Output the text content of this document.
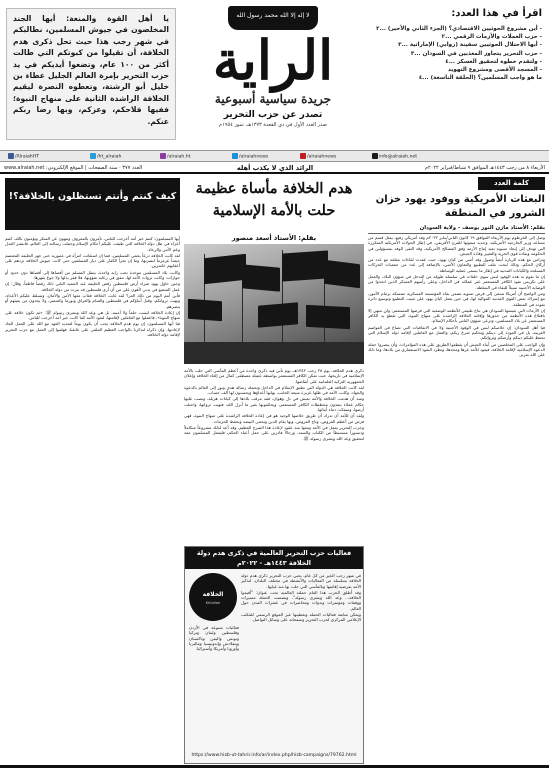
يا أهل القوة والمنعة: أيها الجند المخلصون في جيوش المسلمين، نطالبكم في شهر رجب هذا حيث تحل ذكرى هدم الخلافة، أن تقيلوا من كبوتكم التي طالت أكثر من ١٠٠ عام، وتضعوا أيديكم في يد حزب التحرير بإمرة العالم الجليل عطاء بن خليل أبو الرشتة، وتعطوه النصرة ليقيم الخلافة الراشدة الثانية على منهاج النبوة؛ ففيها فلاحكم، وعزكم، وبها رضا ربكم عنكم.
لا إله إلا الله محمد رسول الله
الراية
جريدة سياسية أسبوعية
تصدر عن حزب التحرير
صدر العدد الأول في ذي القعدة ١٣٧٣هـ، تموز ١٩٥٤م
اقرأ في هذا العدد:
- أين مشروع الحوثيين الاقتصادي؟ (الجزء الثاني والأخير) ...٢
- حزب العملات والأزمات الرقمي ...٢
- أيها الاحتلال الحوثيين سفينة (روابي) الإماراتية ...٣
- حزب التحرير يتجاوز المعذبين في السودان ...٣
- ولتقدم خطوة لتحقيق العسكر ...٤
- المسجد الأقصى ومشروع التهويد
ما هو واجب المسلمين؟ (الحلقة الناسعة) ...٤
info@alraiah.net
/alraiahnews
/alraiahnews
/alraiah.ht
/ht_alraiah
/AlraiahHT
الأربعاء ٨ من رجب ١٤٤٣هـ الموافق ٩ شباط/فبراير ٢٠٢٢م
الرائد الذي لا يكذب أهله
العدد ٣٧٧ · ستة الصفحات | الموقع الإلكتروني: www.alraiah.net
كلمة العدد
البعثات الأمريكية ووفود يهود خزان الشرور في المنطقة
بقلم: الأستاذ مازن النور يوسف - ولاية السودان

وصل إلى الخرطوم يوم الأربعاء الموافق ١٩ كانون الثاني/يناير ٢٠٢٢م وفد أمريكي رفيع، يمثل قسم من مساعد وزير الخارجية الأمريكية، وجديد مبعوثها للقرن الأفريقي، في إطار الجولات الأمريكية المتكررة التي تهدف إلى إيجاد تسوية تعيد إنتاج الأزمة وفق المصالح الأمريكية، وقد التقى الوفد بمسؤولين في الحكومة وبقادة قوى الحرية والتغيير وقادة الجيش.

وتزامن مع هذه الزيارة أيضاً وصول وفد أمني من كيان يهود، حيث عقدت لقاءات مغلقة مع عدد من أركان الحكم، وذلك لبحث ملف التطبيع والتعاون الأمني، بالإضافة إلى عدد من جمعيات الحركات المسلحة والكيانات المدنية في إطار ما يسمى عملية الوساطة.

إن ما تقوم به هذه الوفود ليس سوى حلقات في سلسلة طويلة من التدخل في شؤون البلاد، والعمل على تكريس نفوذ الكافر المستعمر عبر عملائه في الداخل، وعلى رأسهم العسكر الذين اتخذوا من الوصاية الأجنبية سبيلاً للبقاء في السلطة.

ومن الواضح أن أمريكا تسعى إلى فرض تسوية تضمن بقاء المؤسسة العسكرية ممسكة بزمام الأمور، مع إشراك بعض القوى المدنية الموالية لها، في حين يعمل كيان يهود على تثبيت التطبيع وتوسيع دائرة نفوذه في المنطقة.

إن الأزمات التي يعيشها السودان هي نتاج طبيعي للأنظمة الوضعية التي فرضها المستعمر، ولن تنتهي إلا باقتلاع هذه الأنظمة من جذورها وإقامة الخلافة الراشدة على منهاج النبوة، التي تقطع يد الكافر المستعمر عن بلاد المسلمين، وترعى شؤون الناس بأحكام الإسلام.

فيا أهل السودان: إن خلاصكم ليس في الوفود الأجنبية ولا في الاتفاقيات التي تصاغ في العواصم الغربية، بل في العودة إلى دينكم وتحكيم شرع ربكم، والعمل مع العاملين لإقامة دولة الإسلام التي تحفظ عليكم دينكم وأرضكم وثرواتكم.

وإن الواجب على المخلصين من أبناء الجيش أن يقطعوا الطريق على هذه المؤامرات، وأن ينصروا حملة الدعوة الإسلامية لإقامة الخلافة، فيعود للأمة عزها ومجدها، وتطرد النفوذ الاستعماري من بلادها، وما ذلك على الله بعزيز.

هدم الخلافة مأساة عظيمة حلت بالأمة الإسلامية
بقلم: الأستاذ أسعد منصور

ذكرى هدم الخلافة، يوم ٢٨ رجب ١٣٤٢هـ، يوم تأتي فيه ذكرى واحدة من أعظم المآسي التي حلت بالأمة الإسلامية في تاريخها، حيث تمكن الكافر المستعمر بواسطة عميله مصطفى كمال من إلغاء الخلافة وإعلان الجمهورية التركية العلمانية على أنقاضها.

لقد كانت الخلافة هي الدولة التي تطبق الإسلام في الداخل وتحمله رسالة هدى ونور إلى العالم بالدعوة والجهاد، وكانت الأمة في ظلها عزيزة منيعة الجانب، يهابها أعداؤها ويحسبون لها ألف حساب.

ومنذ أن هدمت الخلافة والأمة تعيش في ذل وهوان، فقد مزقت بلادها إلى كيانات هزيلة، ونصب عليها حكام عملاء ينفذون مخططات الكافر المستعمر، ويحكمونها بغير ما أنزل الله، فنهبت ثرواتها، واحتلت أرضها، وسفكت دماء أبنائها.

ولقد آن للأمة أن تدرك أن طريق خلاصها الوحيد هو في إعادة الخلافة الراشدة على منهاج النبوة، فهي فرض من أعظم الفروض، وتاج الفروض، وبها يقام الدين وتحمى البيضة وتحفظ الحرمات.

وحزب التحرير يعمل في الأمة ومعها منذ عقود لإعادة هذا الصرح العظيم، وقد أعد لذلك مشروعاً متكاملاً ودستوراً مستنبطاً من الكتاب والسنة، ورجالاً قادرين على حمل أعباء الحكم، فليعمل المسلمون معه لتحقيق وعد الله وبشرى رسوله ﷺ.

كيف كنتم وأنتم تستظلون بالخلافة؟!

أيها المسلمون: كنتم خير أمة أخرجت للناس، تأمرون بالمعروف وتنهون عن المنكر وتؤمنون بالله، كنتم أعزاء في ظل دولة الخلافة التي طبقت عليكم أحكام الإسلام وحملت رسالته إلى العالم، فانتشر العدل وعم الأمن والرخاء.

لقد كانت الخلافة درعاً يحمي المسلمين، فما إن استغاثت امرأة في عمورية حتى جهز الخليفة المعتصم جيشاً عرمرماً لنصرتها، وما إن تجرأ الكفار على ديار المسلمين حتى كانت جيوش الخلافة تردهم على أعقابهم خاسرين.

وكانت بلاد المسلمين موحدة تحت راية واحدة، يتنقل المسلم من أقصاها إلى أقصاها دون حدود أو جوازات، وكانت ثروات الأمة لها، تنفق في رعاية شؤونها، فلا فقر يذلها ولا جوع يقهرها.

وحين حاول يهود شراء أرض فلسطين رفض الخليفة عبد الحميد الثاني ذلك رفضاً قاطعاً، وقال: إن عمل المبضع في بدني لأهون علي من أن أرى فلسطين قد بترت من دولة الخلافة.

فأين أنتم اليوم من ذلك العز؟ لقد غابت الخلافة فغاب معها الأمن والأمان، وتسلط عليكم الأعداء، ونهبت ثرواتكم، وقتل أبناؤكم في فلسطين والشام والعراق وبورما وكشمير، ولا يجدون من يغيثهم أو ينصرهم.

إن إعادة الخلافة ليست حلماً ولا أمنية، بل هي وعد الله وبشرى رسوله ﷺ: «ثم تكون خلافة على منهاج النبوة»، فاعملوا مع العاملين لإقامتها، لتعود الأمة كما كانت خير أمة أخرجت للناس.

فيا أيها المسلمون، إن يوم هدم الخلافة يجب أن يكون يوماً لتجديد العهد مع الله على العمل الجاد لإعادتها، وإن ذكراه لتذكرنا بالواجب العظيم الملقى على عاتقنا، فهلموا إلى العمل مع حزب التحرير لإقامة دولة الخلافة.

فعاليات حزب التحرير العالمية في ذكرى هدم دولة الخلافة ١٤٤٣هـ - ٢٠٢٢م
الخلافة
Khilafah

في شهر رجب الخير من كل عام، يحيي حزب التحرير ذكرى هدم دولة الخلافة بسلسلة من الفعاليات والأنشطة في مختلف البلدان، لتذكير الأمة بفرضية إقامتها وبالمآسي التي حلت بها منذ غيابها.

وقد أطلق الحزب هذا العام حملته العالمية تحت عنوان: "أقيموا الخلافة... وعد الله وبشرى رسوله"، وتضمنت الحملة مسيرات ووقفات ومؤتمرات وندوات ومحاضرات في عشرات المدن حول العالم.

ويمكن متابعة فعاليات الحملة وتغطيتها عبر الموقع الرسمي للمكتب الإعلامي المركزي لحزب التحرير وصفحاته على وسائل التواصل.

فعاليات متنوعة في الأردن وفلسطين ولبنان وتركيا وتونس واليمن وباكستان وبنغلادش وإندونيسيا وماليزيا وأوروبا وأمريكا وأستراليا.

https://www.hizb-ut-tahrir.info/ar/index.php/hizb-campaigns/79762.html
